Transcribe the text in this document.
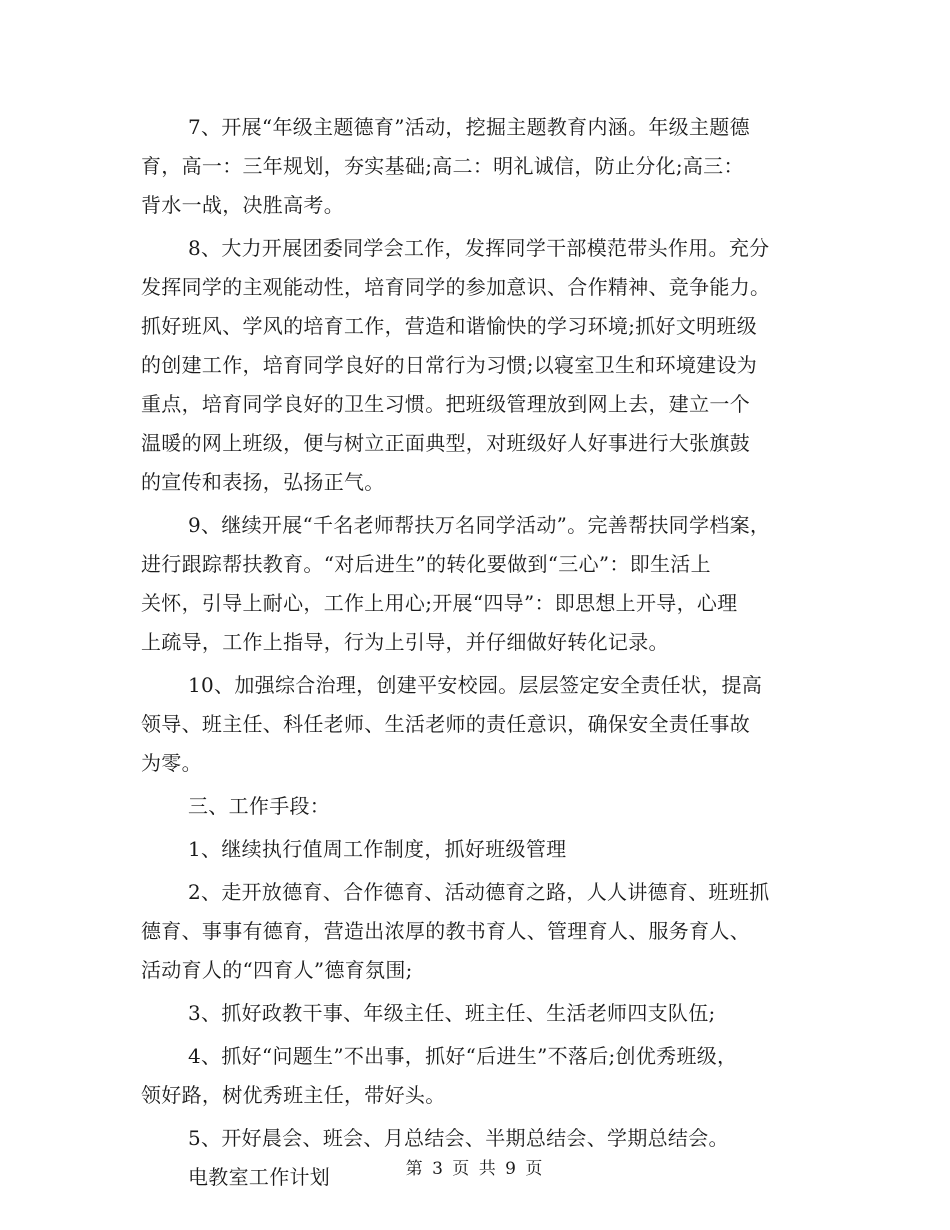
7、开展“年级主题德育”活动，挖掘主题教育内涵。年级主题德
育，高一：三年规划，夯实基础;高二：明礼诚信，防止分化;高三：
背水一战，决胜高考。
8、大力开展团委同学会工作，发挥同学干部模范带头作用。充分
发挥同学的主观能动性，培育同学的参加意识、合作精神、竞争能力。
抓好班风、学风的培育工作，营造和谐愉快的学习环境;抓好文明班级
的创建工作，培育同学良好的日常行为习惯;以寝室卫生和环境建设为
重点，培育同学良好的卫生习惯。把班级管理放到网上去，建立一个
温暖的网上班级，便与树立正面典型，对班级好人好事进行大张旗鼓
的宣传和表扬，弘扬正气。
9、继续开展“千名老师帮扶万名同学活动”。完善帮扶同学档案，
进行跟踪帮扶教育。“对后进生”的转化要做到“三心”：即生活上
关怀，引导上耐心，工作上用心;开展“四导”：即思想上开导，心理
上疏导，工作上指导，行为上引导，并仔细做好转化记录。
10、加强综合治理，创建平安校园。层层签定安全责任状，提高
领导、班主任、科任老师、生活老师的责任意识，确保安全责任事故
为零。
三、工作手段：
1、继续执行值周工作制度，抓好班级管理
2、走开放德育、合作德育、活动德育之路，人人讲德育、班班抓
德育、事事有德育，营造出浓厚的教书育人、管理育人、服务育人、
活动育人的“四育人”德育氛围;
3、抓好政教干事、年级主任、班主任、生活老师四支队伍;
4、抓好“问题生”不出事，抓好“后进生”不落后;创优秀班级，
领好路，树优秀班主任，带好头。
5、开好晨会、班会、月总结会、半期总结会、学期总结会。
电教室工作计划	第 3 页 共 9 页
